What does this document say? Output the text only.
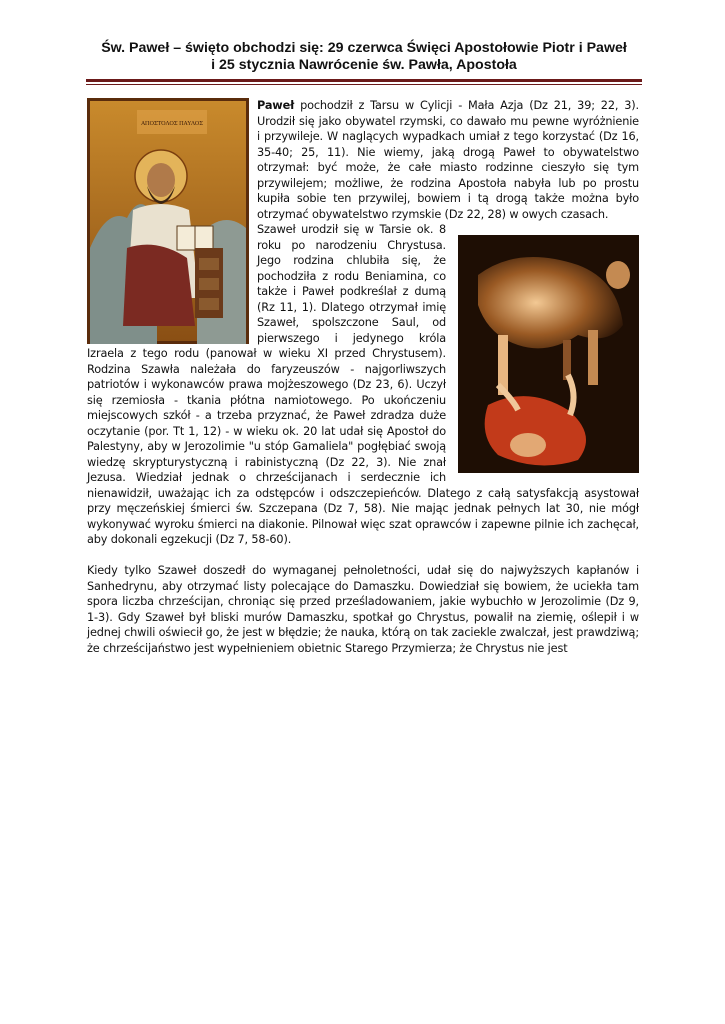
Św. Paweł – święto obchodzi się: 29 czerwca Święci Apostołowie Piotr i Paweł

i 25 stycznia Nawrócenie św. Pawła, Apostoła

ΑΠΟΣΤΟΛΟΣ ΠΑΥΛΟΣ

Paweł pochodził z Tarsu w Cylicji - Mała Azja (Dz 21, 39; 22, 3). Urodził się jako obywatel rzymski, co dawało mu pewne wyróżnienie i przywileje. W naglących wypadkach umiał z tego korzystać (Dz 16, 35-40; 25, 11). Nie wiemy, jaką drogą Paweł to obywatelstwo otrzymał: być może, że całe miasto rodzinne cieszyło się tym przywilejem; możliwe, że rodzina Apostoła nabyła lub po prostu kupiła sobie ten przywilej, bowiem i tą drogą także można było otrzymać obywatelstwo rzymskie (Dz 22, 28) w owych czasach.

Szaweł urodził się w Tarsie ok. 8 roku po narodzeniu Chrystusa. Jego rodzina chlubiła się, że pochodziła z rodu Beniamina, co także i Paweł podkreślał z dumą (Rz 11, 1). Dlatego otrzymał imię Szaweł, spolszczone Saul, od pierwszego i jedynego króla Izraela z tego rodu (panował w wieku XI przed Chrystusem). Rodzina Szawła należała do faryzeuszów - najgorliwszych patriotów i wykonawców prawa mojżeszowego (Dz 23, 6). Uczył się rzemiosła - tkania płótna namiotowego. Po ukończeniu miejscowych szkół - a trzeba przyznać, że Paweł zdradza duże oczytanie (por. Tt 1, 12) - w wieku ok. 20 lat udał się Apostoł do Palestyny, aby w Jerozolimie "u stóp Gamaliela" pogłębiać swoją wiedzę skrypturystyczną i rabinistyczną (Dz 22, 3). Nie znał Jezusa. Wiedział jednak o chrześcijanach i serdecznie ich nienawidził, uważając ich za odstępców i odszczepieńców. Dlatego z całą satysfakcją asystował przy męczeńskiej śmierci św. Szczepana (Dz 7, 58). Nie mając jednak pełnych lat 30, nie mógł wykonywać wyroku śmierci na diakonie. Pilnował więc szat oprawców i zapewne pilnie ich zachęcał, aby dokonali egzekucji (Dz 7, 58-60).

Kiedy tylko Szaweł doszedł do wymaganej pełnoletności, udał się do najwyższych kapłanów i Sanhedrynu, aby otrzymać listy polecające do Damaszku. Dowiedział się bowiem, że uciekła tam spora liczba chrześcijan, chroniąc się przed prześladowaniem, jakie wybuchło w Jerozolimie (Dz 9, 1-3). Gdy Szaweł był bliski murów Damaszku, spotkał go Chrystus, powalił na ziemię, oślepił i w jednej chwili oświecił go, że jest w błędzie; że nauka, którą on tak zaciekle zwalczał, jest prawdziwą; że chrześcijaństwo jest wypełnieniem obietnic Starego Przymierza; że Chrystus nie jest
